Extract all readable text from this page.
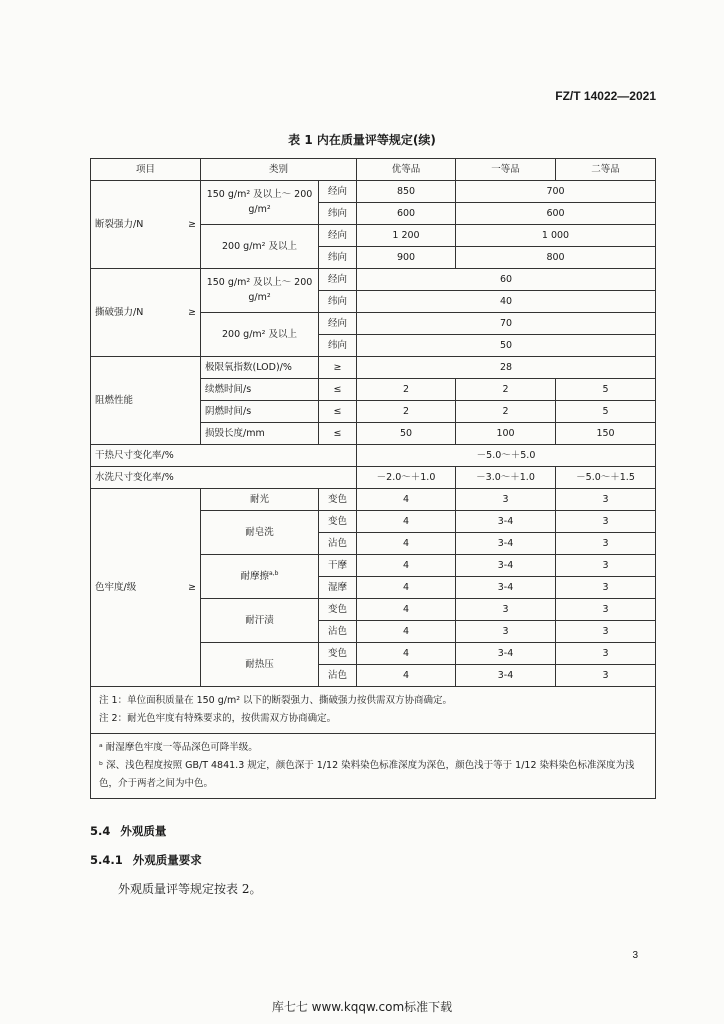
FZ/T 14022—2021
表 1 内在质量评等规定(续)
项目	类别		优等品	一等品	二等品

断裂强力/N ≥	150 g/m² 及以上～ 200 g/m²	经向	850	700	
		纬向	600	600	
	200 g/m² 及以上	经向	1 200	1 000	
		纬向	900	800	

撕破强力/N ≥	150 g/m² 及以上～ 200 g/m²	经向	60		
		纬向	40		
	200 g/m² 及以上	经向	70		
		纬向	50		
阻燃性能	极限氧指数(LOD)/%	≥	28		
	续燃时间/s	≤	2	2	5
	阴燃时间/s	≤	2	2	5
	损毁长度/mm	≤	50	100	150
干热尺寸变化率/%			－5.0～＋5.0		
水洗尺寸变化率/%			－2.0～＋1.0	－3.0～＋1.0	－5.0～＋1.5

色牢度/级 ≥	耐光	变色	4	3	3
	耐皂洗	变色	4	3-4	3
		沾色	4	3-4	3
	耐摩擦$^{a,b}$	干摩	4	3-4	3
		湿摩	4	3-4	3
	耐汗渍	变色	4	3	3
		沾色	4	3	3
	耐热压	变色	4	3-4	3
		沾色	4	3-4	3

注 1：单位面积质量在 150 g/m² 以下的断裂强力、撕破强力按供需双方协商确定。
注 2：耐光色牢度有特殊要求的，按供需双方协商确定。					

ᵃ 耐湿摩色牢度一等品深色可降半级。
ᵇ 深、浅色程度按照 GB/T 4841.3 规定，颜色深于 1/12 染料染色标准深度为深色，颜色浅于等于 1/12 染料染色标准深度为浅色，介于两者之间为中色。					
5.4 外观质量
5.4.1 外观质量要求
外观质量评等规定按表 2。
3
库七七 www.kqqw.com标准下载
